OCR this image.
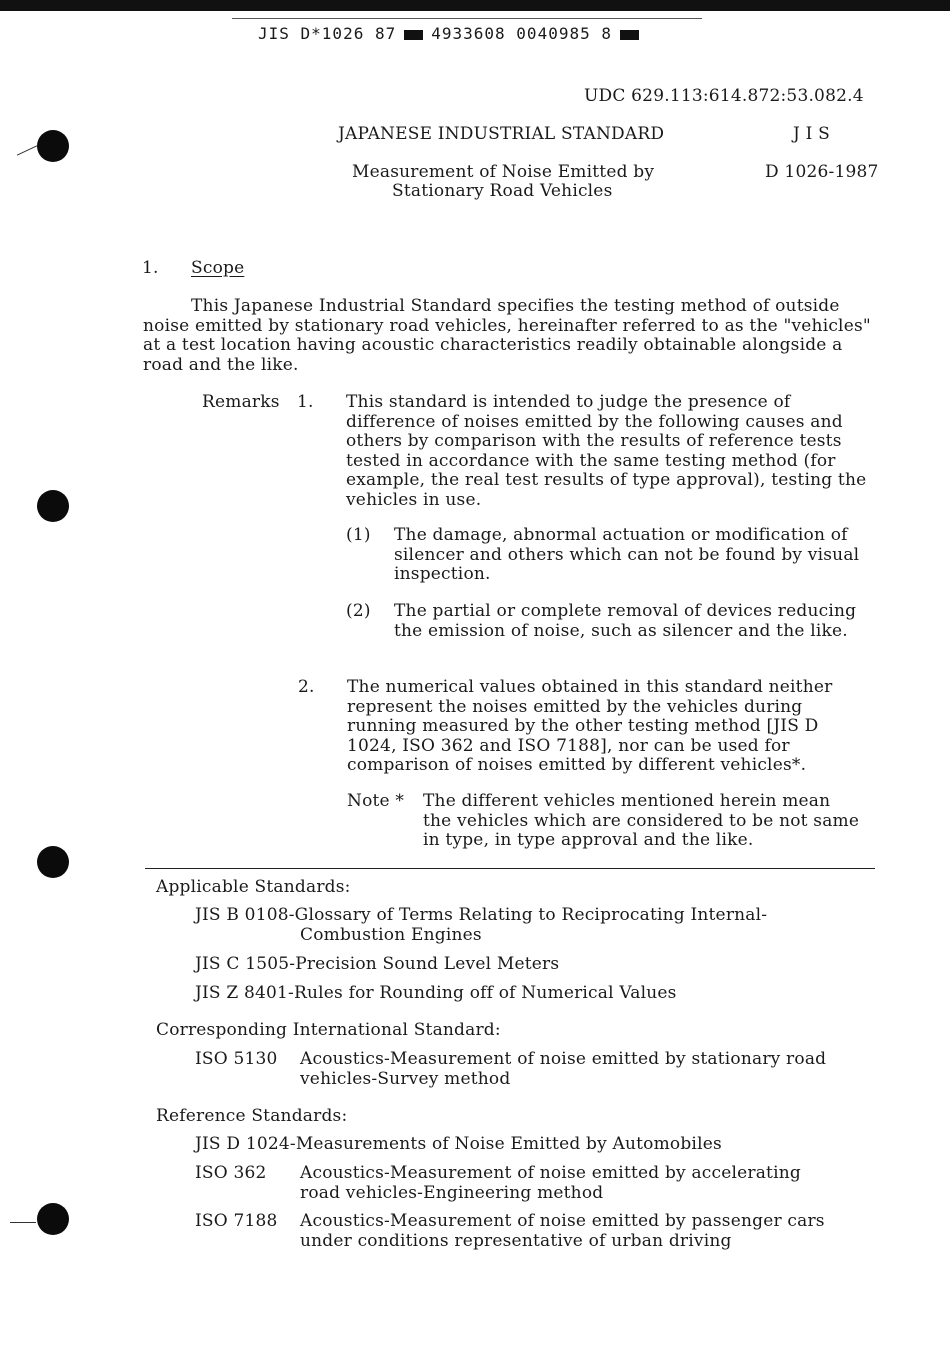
JIS D*1026 87 4933608 0040985 8
UDC 629.113:614.872:53.082.4
JAPANESE INDUSTRIAL STANDARD	J I S
Measurement of Noise Emitted by
Stationary Road Vehicles
D 1026-1987
1. Scope
This Japanese Industrial Standard specifies the testing method of outside noise emitted by stationary road vehicles, hereinafter referred to as the "vehicles" at a test location having acoustic characteristics readily obtainable alongside a road and the like.
Remarks 1. This standard is intended to judge the presence of difference of noises emitted by the following causes and others by comparison with the results of reference tests tested in accordance with the same testing method (for example, the real test results of type approval), testing the vehicles in use.
(1) The damage, abnormal actuation or modification of silencer and others which can not be found by visual inspection.
(2) The partial or complete removal of devices reducing the emission of noise, such as silencer and the like.
2. The numerical values obtained in this standard neither represent the noises emitted by the vehicles during running measured by the other testing method [JIS D 1024, ISO 362 and ISO 7188], nor can be used for comparison of noises emitted by different vehicles*.
Note * The different vehicles mentioned herein mean the vehicles which are considered to be not same in type, in type approval and the like.
Applicable Standards:
JIS B 0108-Glossary of Terms Relating to Reciprocating Internal-
Combustion Engines
JIS C 1505-Precision Sound Level Meters
JIS Z 8401-Rules for Rounding off of Numerical Values
Corresponding International Standard:
ISO 5130 Acoustics-Measurement of noise emitted by stationary road vehicles-Survey method
Reference Standards:
JIS D 1024-Measurements of Noise Emitted by Automobiles
ISO 362 Acoustics-Measurement of noise emitted by accelerating road vehicles-Engineering method
ISO 7188 Acoustics-Measurement of noise emitted by passenger cars under conditions representative of urban driving
